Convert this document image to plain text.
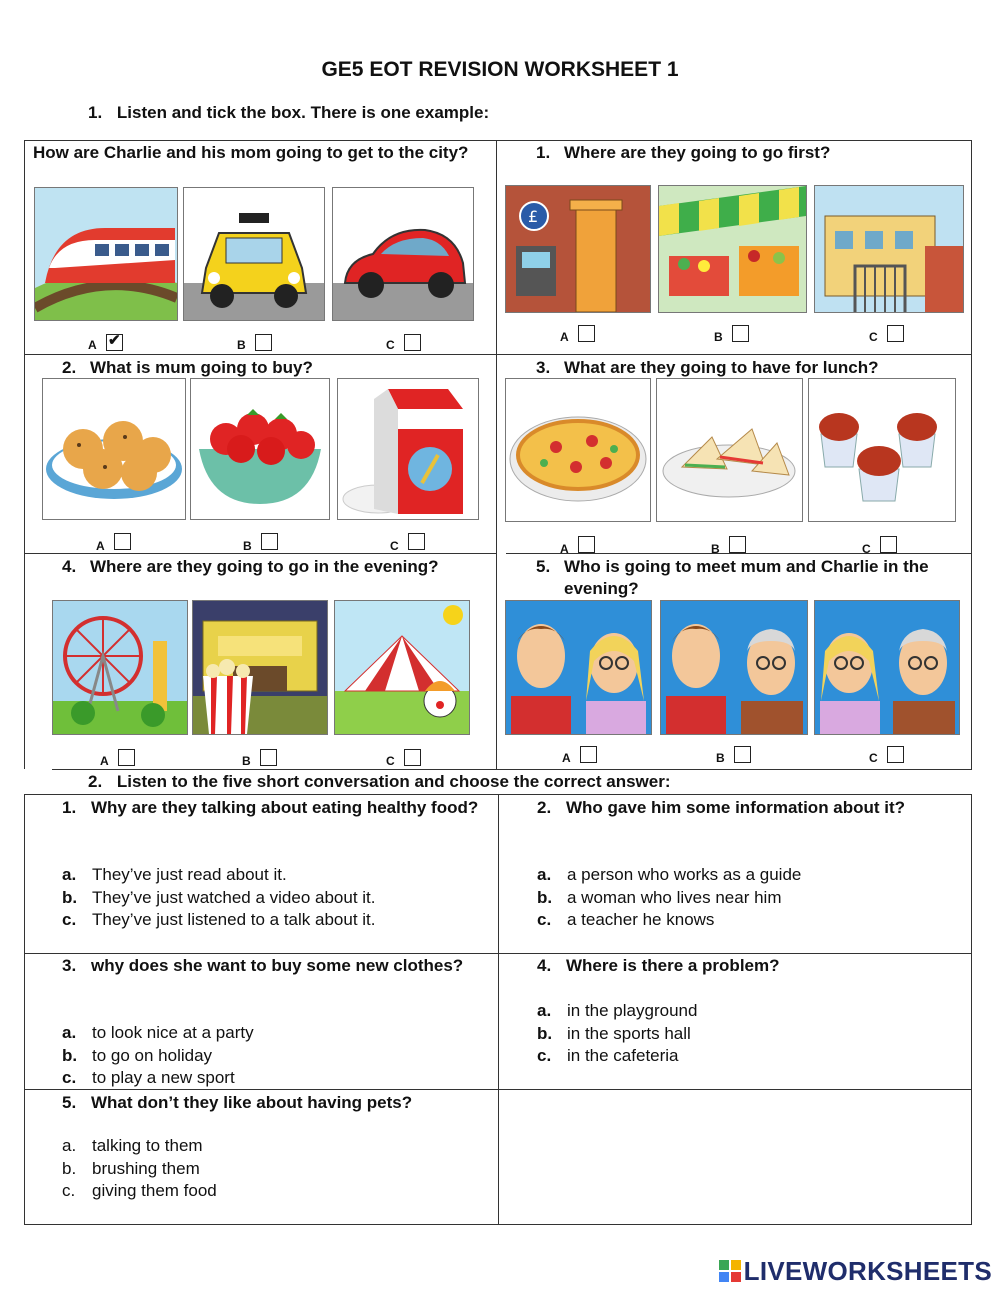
GE5 EOT REVISION WORKSHEET 1
1. Listen and tick the box. There is one example:
How are Charlie and his mom going to get to the city?
A ✔	B	C
1. Where are they going to go first?
£
A	B	C
2. What is mum going to buy?
A	B	C
3. What are they going to have for lunch?
A	B	C
4. Where are they going to go in the evening?
A	B	C
5. Who is going to meet mum and Charlie in the evening?
A	B	C
2. Listen to the five short conversation and choose the correct answer:
1. Why are they talking about eating healthy food?
a. They’ve just read about it.
b. They’ve just watched a video about it.
c. They’ve just listened to a talk about it.
2. Who gave him some information about it?
a. a person who works as a guide
b. a woman who lives near him
c. a teacher he knows
3. why does she want to buy some new clothes?
a. to look nice at a party
b. to go on holiday
c. to play a new sport
4. Where is there a problem?
a. in the playground
b. in the sports hall
c. in the cafeteria
5. What don’t they like about having pets?
a. talking to them
b. brushing them
c. giving them food
LIVEWORKSHEETS
